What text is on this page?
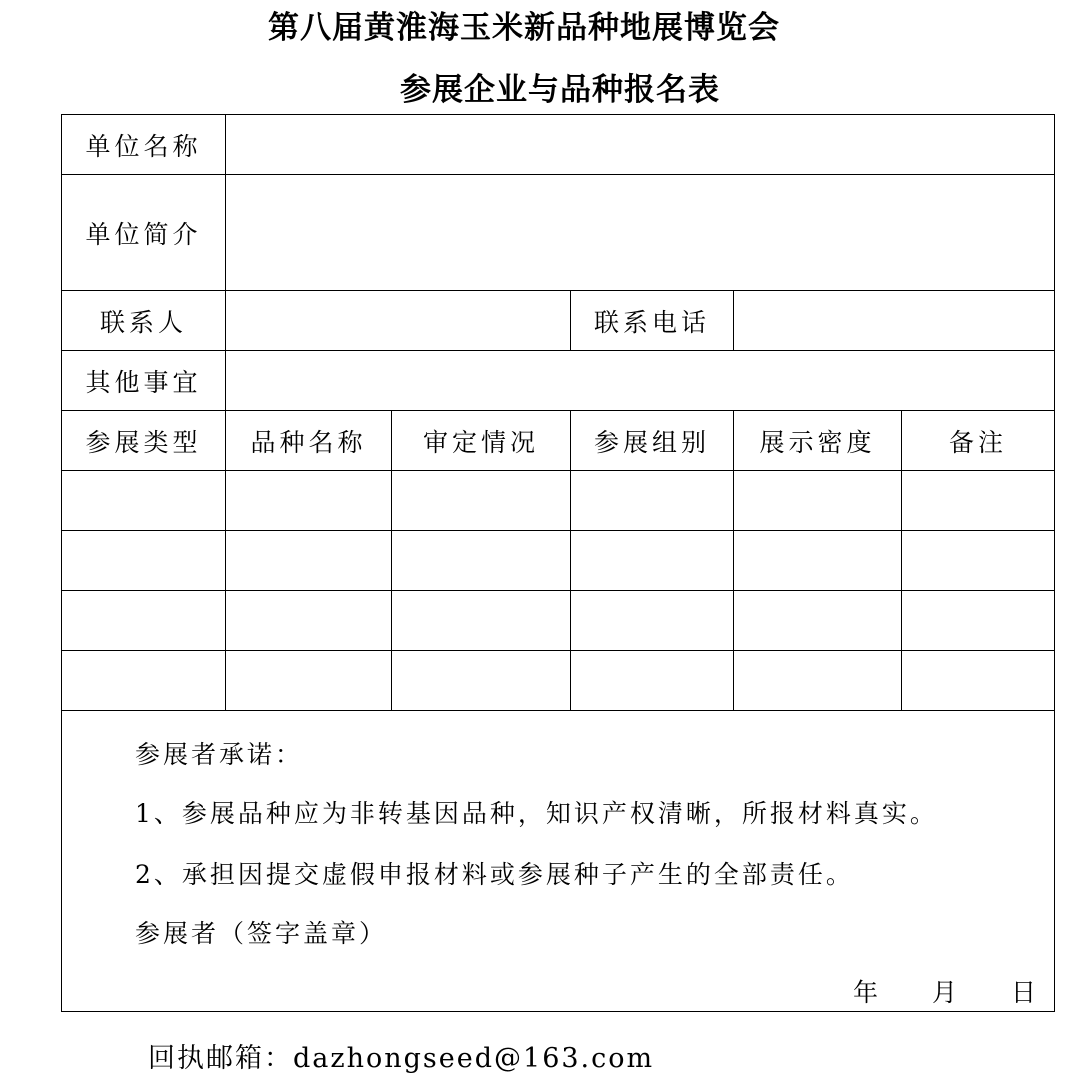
第八届黄淮海玉米新品种地展博览会
参展企业与品种报名表
单位名称					
单位简介					
联系人			联系电话		
其他事宜					
参展类型	品种名称	审定情况	参展组别	展示密度	备注

参展者承诺：
1、参展品种应为非转基因品种，知识产权清晰，所报材料真实。
2、承担因提交虚假申报材料或参展种子产生的全部责任。
参展者（签字盖章）
年 月 日					
回执邮箱：dazhongseed@163.com
